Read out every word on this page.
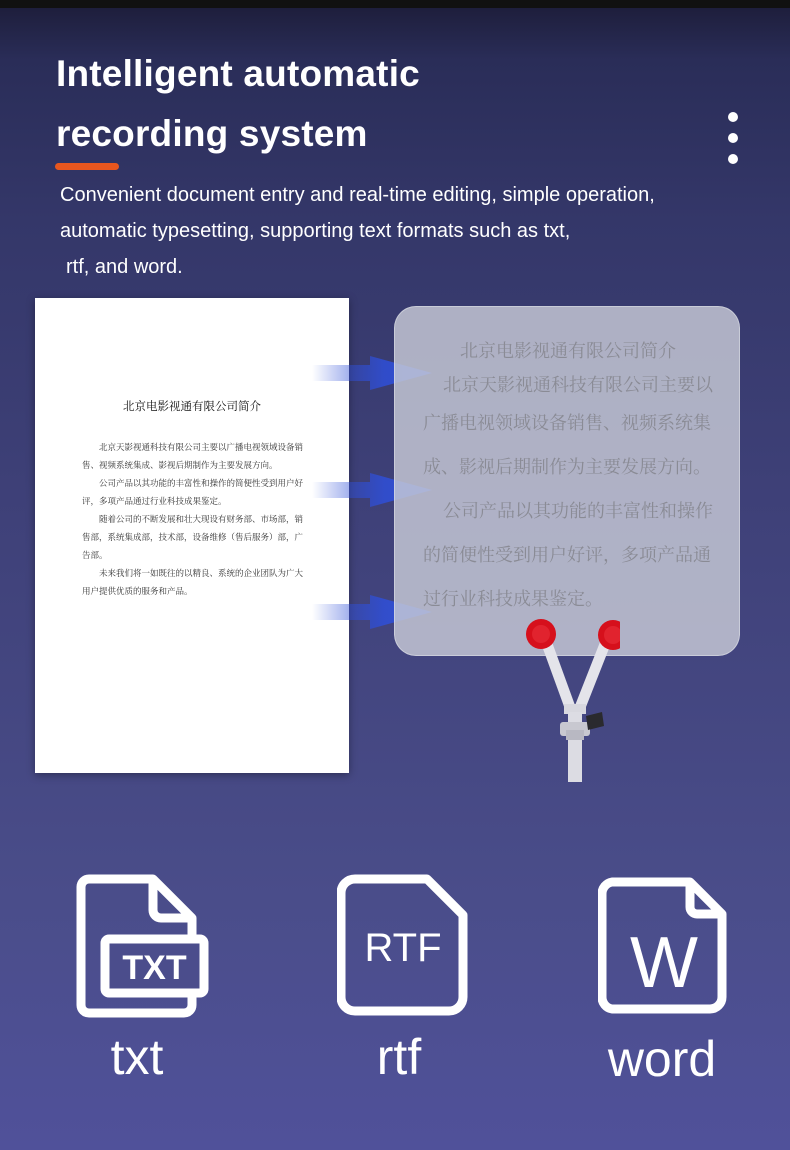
Intelligent automatic
recording system
Convenient document entry and real-time editing, simple operation,
automatic typesetting, supporting text formats such as txt,
rtf, and word.
北京电影视通有限公司简介

北京天影视通科技有限公司主要以广播电视领域设备销售、视频系统集成、影视后期制作为主要发展方向。

公司产品以其功能的丰富性和操作的简便性受到用户好评，多项产品通过行业科技成果鉴定。

随着公司的不断发展和壮大现设有财务部、市场部，销售部，系统集成部，技术部，设备维修（售后服务）部，广告部。

未来我们将一如既往的以精良、系统的企业团队为广大用户提供优质的服务和产品。

北京电影视通有限公司简介
北京天影视通科技有限公司主要以
广播电视领域设备销售、视频系统集
成、影视后期制作为主要发展方向。
公司产品以其功能的丰富性和操作
的简便性受到用户好评，多项产品通
过行业科技成果鉴定。
TXT
txt
RTF
rtf
W
word
